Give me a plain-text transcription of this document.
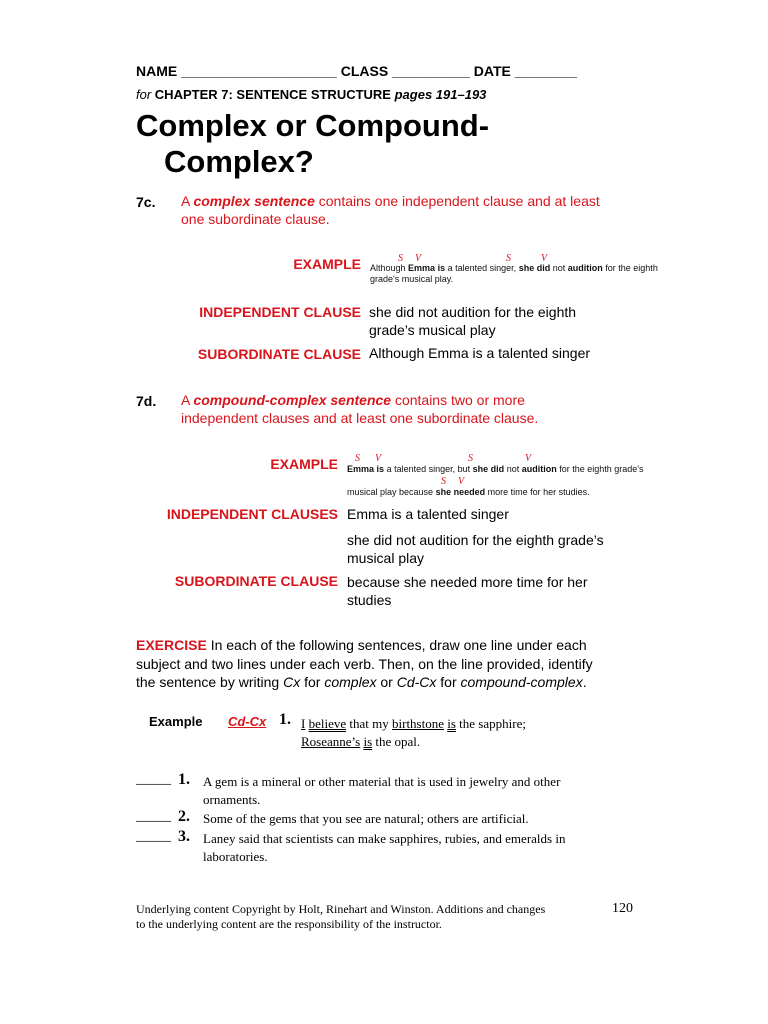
NAME ____________________ CLASS __________ DATE ________
for CHAPTER 7: SENTENCE STRUCTURE pages 191–193
Complex or Compound-
Complex?
7c. A complex sentence contains one independent clause and at least
one subordinate clause.
EXAMPLE	S V	S	V
Although Emma is a talented singer, she did not audition for the eighth
grade's musical play.
INDEPENDENT CLAUSE she did not audition for the eighth
grade’s musical play
SUBORDINATE CLAUSE Although Emma is a talented singer
7d. A compound-complex sentence contains two or more
independent clauses and at least one subordinate clause.
EXAMPLE S V	S	V
Emma is a talented singer, but she did not audition for the eighth grade's
S V
musical play because she needed more time for her studies.
INDEPENDENT CLAUSES Emma is a talented singer
she did not audition for the eighth grade’s
musical play
SUBORDINATE CLAUSE because she needed more time for her
studies
EXERCISE In each of the following sentences, draw one line under each
subject and two lines under each verb. Then, on the line provided, identify
the sentence by writing Cx for complex or Cd-Cx for compound-complex.
Example Cd-Cx 1. I believe that my birthstone is the sapphire;
Roseanne’s is the opal.
_____ 1. A gem is a mineral or other material that is used in jewelry and other
ornaments.
_____ 2. Some of the gems that you see are natural; others are artificial.
_____ 3. Laney said that scientists can make sapphires, rubies, and emeralds in
laboratories.
Underlying content Copyright by Holt, Rinehart and Winston. Additions and changes
to the underlying content are the responsibility of the instructor.
120
